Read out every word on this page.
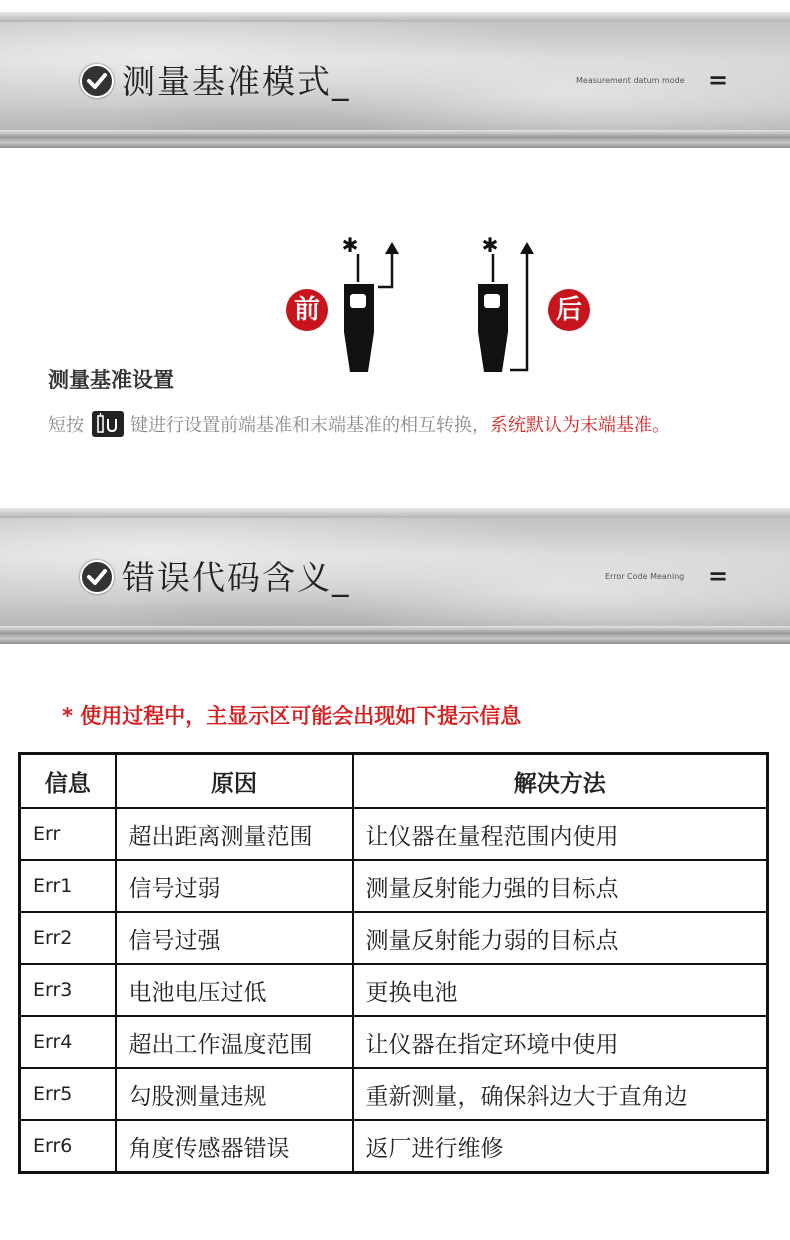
测量基准模式_	Measurement datum mode =
✱	✱
前	后
测量基准设置
短按	键进行设置前端基准和末端基准的相互转换，系统默认为末端基准。
错误代码含义_	Error Code Meaning =
* 使用过程中，主显示区可能会出现如下提示信息
信息	原因	解决方法
Err	超出距离测量范围	让仪器在量程范围内使用
Err1	信号过弱	测量反射能力强的目标点
Err2	信号过强	测量反射能力弱的目标点
Err3	电池电压过低	更换电池
Err4	超出工作温度范围	让仪器在指定环境中使用
Err5	勾股测量违规	重新测量，确保斜边大于直角边
Err6	角度传感器错误	返厂进行维修
